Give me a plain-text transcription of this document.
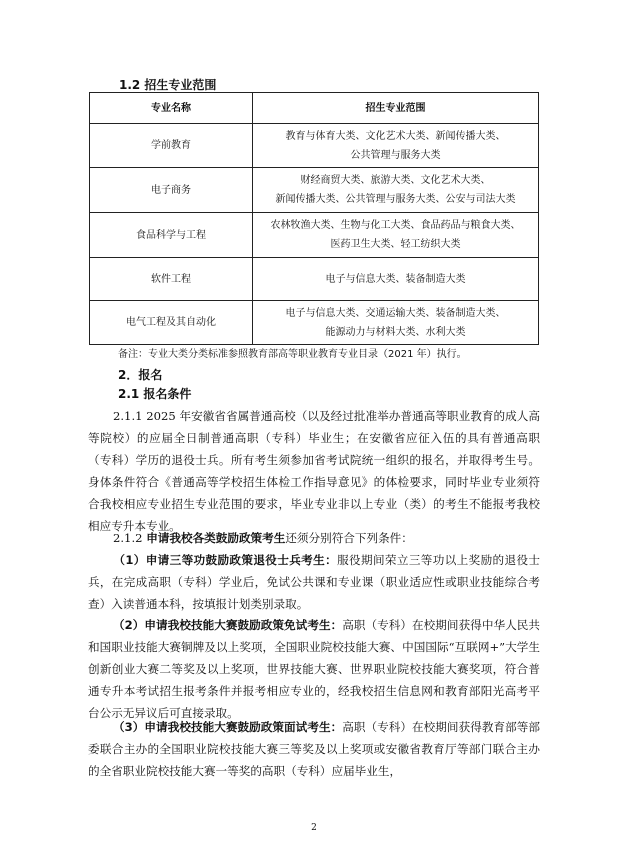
1.2 招生专业范围
专业名称	招生专业范围
学前教育	教育与体育大类、文化艺术大类、新闻传播大类、
公共管理与服务大类

电子商务	财经商贸大类、旅游大类、文化艺术大类、
新闻传播大类、公共管理与服务大类、公安与司法大类

食品科学与工程	农林牧渔大类、生物与化工大类、食品药品与粮食大类、
医药卫生大类、轻工纺织大类

软件工程	电子与信息大类、装备制造大类

电气工程及其自动化	电子与信息大类、交通运输大类、装备制造大类、
能源动力与材料大类、水利大类
备注：专业大类分类标准参照教育部高等职业教育专业目录（2021 年）执行。
2．报名
2.1 报名条件
2.1.1 2025 年安徽省省属普通高校（以及经过批准举办普通高等职业教育的成人高等院校）的应届全日制普通高职（专科）毕业生；在安徽省应征入伍的具有普通高职（专科）学历的退役士兵。所有考生须参加省考试院统一组织的报名，并取得考生号。身体条件符合《普通高等学校招生体检工作指导意见》的体检要求，同时毕业专业须符合我校相应专业招生专业范围的要求，毕业专业非以上专业（类）的考生不能报考我校相应专升本专业。
2.1.2 申请我校各类鼓励政策考生还须分别符合下列条件：
（1）申请三等功鼓励政策退役士兵考生：服役期间荣立三等功以上奖励的退役士兵，在完成高职（专科）学业后，免试公共课和专业课（职业适应性或职业技能综合考查）入读普通本科，按填报计划类别录取。
（2）申请我校技能大赛鼓励政策免试考生：高职（专科）在校期间获得中华人民共和国职业技能大赛铜牌及以上奖项，全国职业院校技能大赛、中国国际“互联网+”大学生创新创业大赛二等奖及以上奖项，世界技能大赛、世界职业院校技能大赛奖项，符合普通专升本考试招生报考条件并报考相应专业的，经我校招生信息网和教育部阳光高考平台公示无异议后可直接录取。
（3）申请我校技能大赛鼓励政策面试考生：高职（专科）在校期间获得教育部等部委联合主办的全国职业院校技能大赛三等奖及以上奖项或安徽省教育厅等部门联合主办的全省职业院校技能大赛一等奖的高职（专科）应届毕业生，
2
